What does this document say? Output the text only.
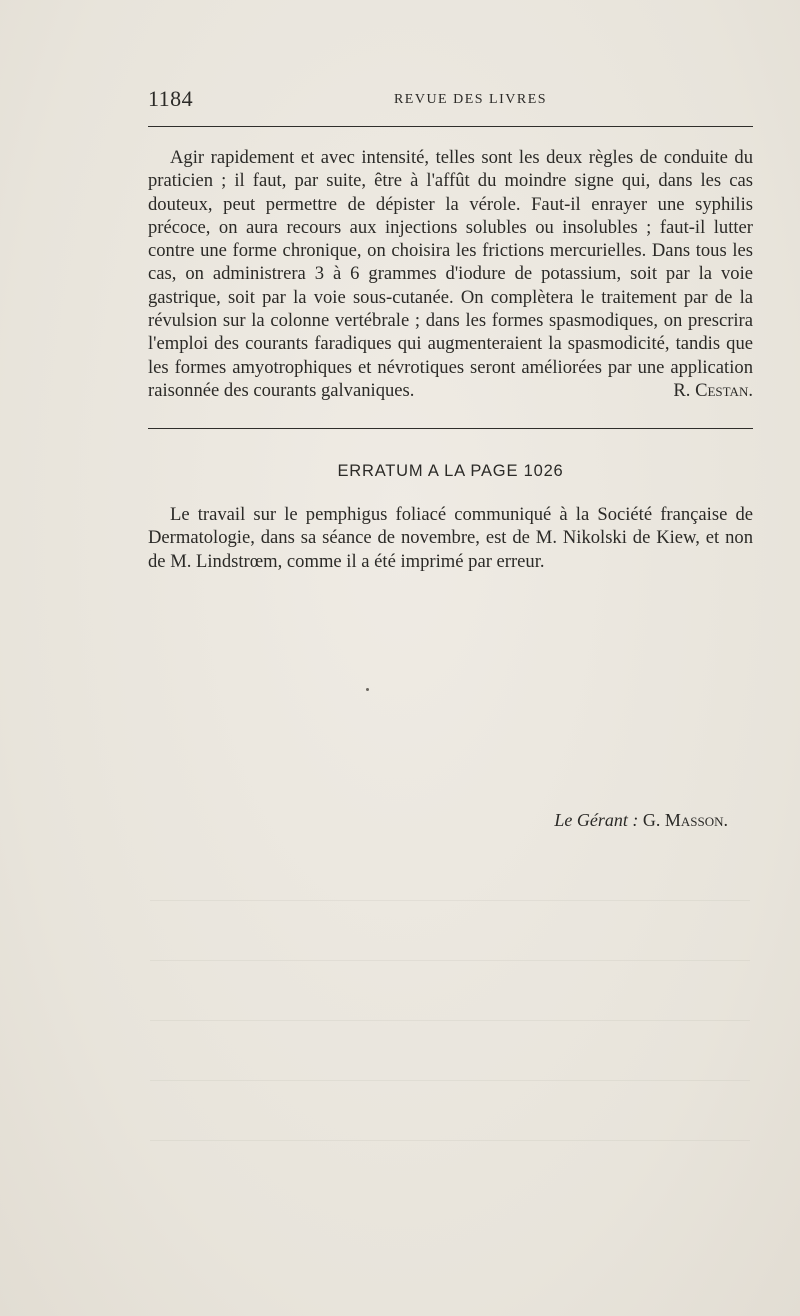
1184	REVUE DES LIVRES

Agir rapidement et avec intensité, telles sont les deux règles de conduite du praticien ; il faut, par suite, être à l'affût du moindre signe qui, dans les cas douteux, peut permettre de dépister la vérole. Faut-il enrayer une syphilis précoce, on aura recours aux injections solubles ou insolubles ; faut-il lutter contre une forme chronique, on choisira les frictions mercurielles. Dans tous les cas, on administrera 3 à 6 grammes d'iodure de potassium, soit par la voie gastrique, soit par la voie sous-cutanée. On complètera le traitement par de la révulsion sur la colonne vertébrale ; dans les formes spasmodiques, on prescrira l'emploi des courants faradiques qui augmenteraient la spasmodicité, tandis que les formes amyotrophiques et névrotiques seront améliorées par une application raisonnée des courants galvaniques.	R. Cestan.

ERRATUM A LA PAGE 1026

Le travail sur le pemphigus foliacé communiqué à la Société française de Dermatologie, dans sa séance de novembre, est de M. Nikolski de Kiew, et non de M. Lindstrœm, comme il a été imprimé par erreur.

Le Gérant : G. Masson.
